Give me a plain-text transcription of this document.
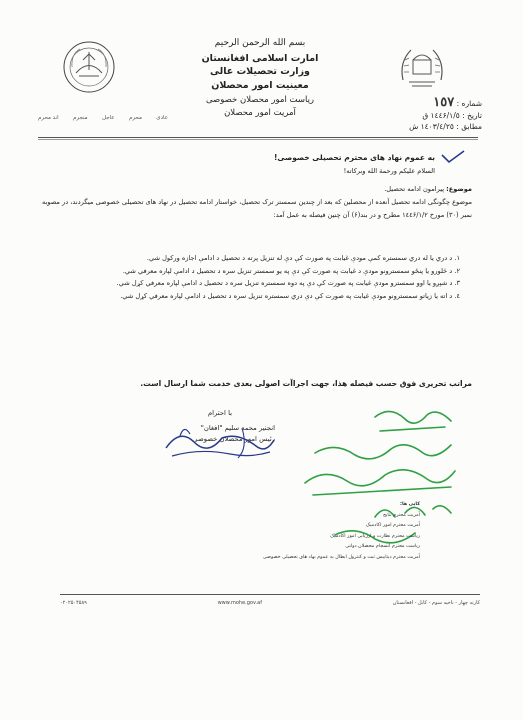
بسم الله الرحمن الرحيم
امارت اسلامی افغانستان
وزارت تحصیلات عالی
معینیت امور محصلان
ریاست امور محصلان خصوصی
آمریت امور محصلان
شماره : ١٥٧
تاریخ : ١٤٤۶/١/٥ ق
مطابق : ١٤٠٣/٤/٢٥ ش
اند محرم	منجرم	عاجل	محرم	عادی

به عموم نهاد های محترم تحصیلی خصوصی!

السلام علیکم ورحمة الله وبرکاته!

موضوع: پیرامون ادامه تحصیل.

موضوع چگونگی ادامه تحصیل آنعده از محصلین که بعد از چندین سمستر ترک تحصیل، خواستار ادامه تحصیل در نهاد های تحصیلی خصوصی میگردند، در مصوبه نمبر (٣٠) مورخ ١٤٤۶/١/٢ مطرح و در بند(۶) آن چنین فیصله به عمل آمد:

١. د دري يا له دري سمستره كمې مودې غيابت په صورت كې دې له تنزيل پرته د تحصيل د ادامې اجازه ورکول شي.

٢. د څلورو يا پنځو سمسترونو مودې د غيابت په صورت كې دې په يو سمستر تنزيل سره د تحصیل د ادامې لپاره معرفي شي.

٣. د شپږو يا اوو سمسترو مودې غیابت په صورت كې دې په دوه سمستره تنزيل سره د تحصيل د ادامې لپاره معرفي كړل شي.

٤. د اته يا زیاتو سمسترونو مودې غیابت په صورت كې دې دري سمستره تنزيل سره د تحصيل د ادامې لپاره معرفي كړل شي.

مراتب تحریری فوق حسب فیصله هذا، جهت اجراآت اصولی بعدی خدمت شما ارسال است.

با احترام
انجنیر محمد سلیم "افغان"
رئیس امور محصلان خصوصی
کاپی ها:
آمریت محترم نتایج
آمریت محترم امور اکادمیک
ریاست محترم نظارت و ارزیابی امور اکادمیک
ریاست محترم انسجام محصلان دولتی
آمریت محترم دیتابیس ثبت و کنترول ابطال به عموم نهاد های تحصیلی خصوصی
۰۲۰۲۵۰۴۵۸۹	www.mohe.gov.af	کارته چهار - ناحیه سوم - کابل - افغانستان
